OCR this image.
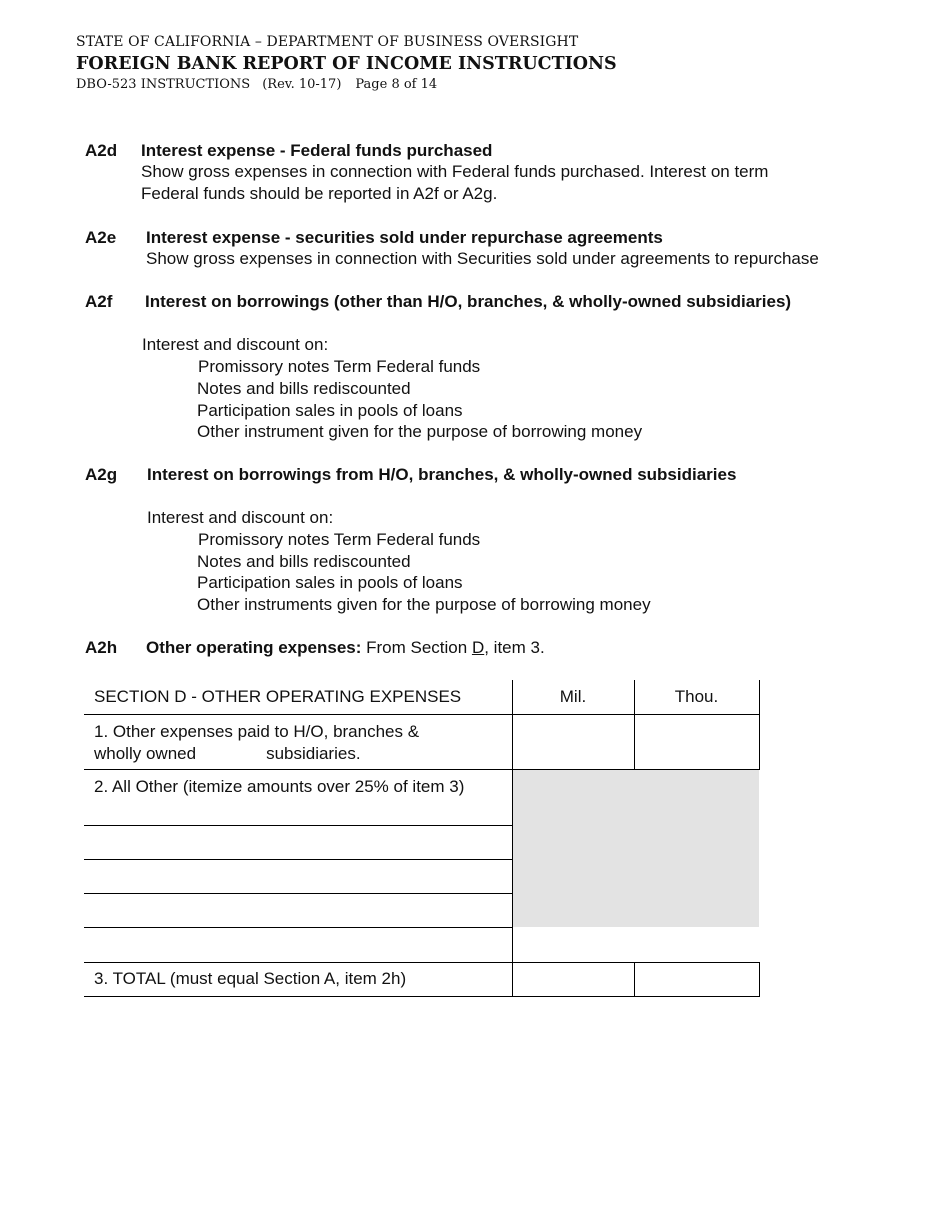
STATE OF CALIFORNIA – DEPARTMENT OF BUSINESS OVERSIGHT
FOREIGN BANK REPORT OF INCOME INSTRUCTIONS
DBO-523 INSTRUCTIONS (Rev. 10-17) Page 8 of 14
A2d Interest expense - Federal funds purchased
Show gross expenses in connection with Federal funds purchased. Interest on term
Federal funds should be reported in A2f or A2g.
A2e Interest expense - securities sold under repurchase agreements
Show gross expenses in connection with Securities sold under agreements to repurchase
A2f Interest on borrowings (other than H/O, branches, & wholly-owned subsidiaries)
Interest and discount on:
Promissory notes Term Federal funds
Notes and bills rediscounted
Participation sales in pools of loans
Other instrument given for the purpose of borrowing money
A2g Interest on borrowings from H/O, branches, & wholly-owned subsidiaries
Interest and discount on:
Promissory notes Term Federal funds
Notes and bills rediscounted
Participation sales in pools of loans
Other instruments given for the purpose of borrowing money
A2h Other operating expenses: From Section D, item 3.
SECTION D - OTHER OPERATING EXPENSES	Mil.	Thou.

1. Other expenses paid to H/O, branches &
wholly owned subsidiaries.		

2. All Other (itemize amounts over 25% of item 3)		

3. TOTAL (must equal Section A, item 2h)		
